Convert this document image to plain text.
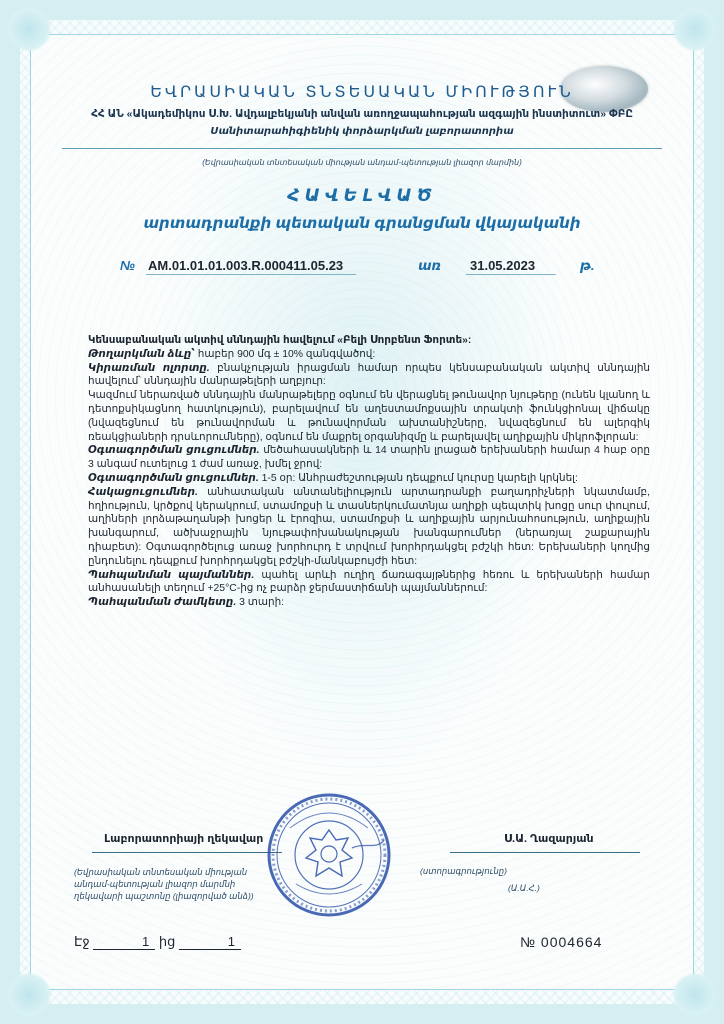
ԵՎՐԱՍԻԱԿԱՆ ՏՆՏԵՍԱԿԱՆ ՄԻՈՒԹՅՈՒՆ
ՀՀ ԱՆ «Ակադեմիկոս Ս.Խ. Ավդալբեկյանի անվան առողջապահության ազգային ինստիտուտ» ՓԲԸ
Սանիտարահիգիենիկ փորձարկման լաբորատորիա
(Եվրասիական տնտեսական միության անդամ-պետության լիազոր մարմին)
ՀԱՎԵԼՎԱԾ
արտադրանքի պետական գրանցման վկայականի
№ AM.01.01.01.003.R.000411.05.23	առ 31.05.2023	թ.

Կենսաբանական ակտիվ սննդային հավելում «Բելի Սորբենտ Ֆորտե»:

Թողարկման ձևը՝ հաբեր 900 մգ ± 10% զանգվածով:

Կիրառման ոլորտը. բնակչության իրացման համար որպես կենսաբանական ակտիվ սննդային հավելում՝ սննդային մանրաթելերի աղբյուր:

Կազմում ներառված սննդային մանրաթելերը օգնում են վերացնել թունավոր նյութերը (ունեն կլանող և դետոքսիկացնող հատկություն), բարելավում են աղեստամոքսային տրակտի ֆունկցիոնալ վիճակը (նվազեցնում են թունավորման և թունավորման ախտանիշները, նվազեցնում են ալերգիկ ռեակցիաների դրսևորումները), օգնում են մաքրել օրգանիզմը և բարելավել աղիքային միկրոֆլորան:

Օգտագործման ցուցումներ. մեծահասակների և 14 տարին լրացած երեխաների համար 4 հաբ օրը 3 անգամ ուտելուց 1 ժամ առաջ, խմել ջրով:

Օգտագործման ցուցումներ. 1-5 օր: Անհրաժեշտության դեպքում կուրսը կարելի կրկնել:

Հակացուցումներ. անհատական անտանելիություն արտադրանքի բաղադրիչների նկատմամբ, հղիություն, կրծքով կերակրում, ստամոքսի և տասներկումատնյա աղիքի պեպտիկ խոցը սուր փուլում, աղիների լորձաթաղանթի խոցեր և էրոզիա, ստամոքսի և աղիքային արյունահոսություն, աղիքային խանգարում, ածխաջրային նյութափոխանակության խանգարումներ (ներառյալ շաքարային դիաբետ): Օգտագործելուց առաջ խորհուրդ է տրվում խորհրդակցել բժշկի հետ: Երեխաների կողմից ընդունելու դեպքում խորհրդակցել բժշկի-մանկաբույժի հետ:

Պահպանման պայմաններ. պահել արևի ուղիղ ճառագայթներից հեռու և երեխաների համար անհասանելի տեղում +25°C-ից ոչ բարձր ջերմաստիճանի պայմաններում:

Պահպանման ժամկետը. 3 տարի:

Լաբորատորիայի ղեկավար	Ս.Ա. Ղազարյան
(Եվրասիական տնտեսական միության անդամ-պետության լիազոր մարմնի ղեկավարի պաշտոնը (լիազորված անձ))
(ստորագրությունը)
(Ա.Ա.Հ.)
Էջ	1 ից	1	№ 0004664
